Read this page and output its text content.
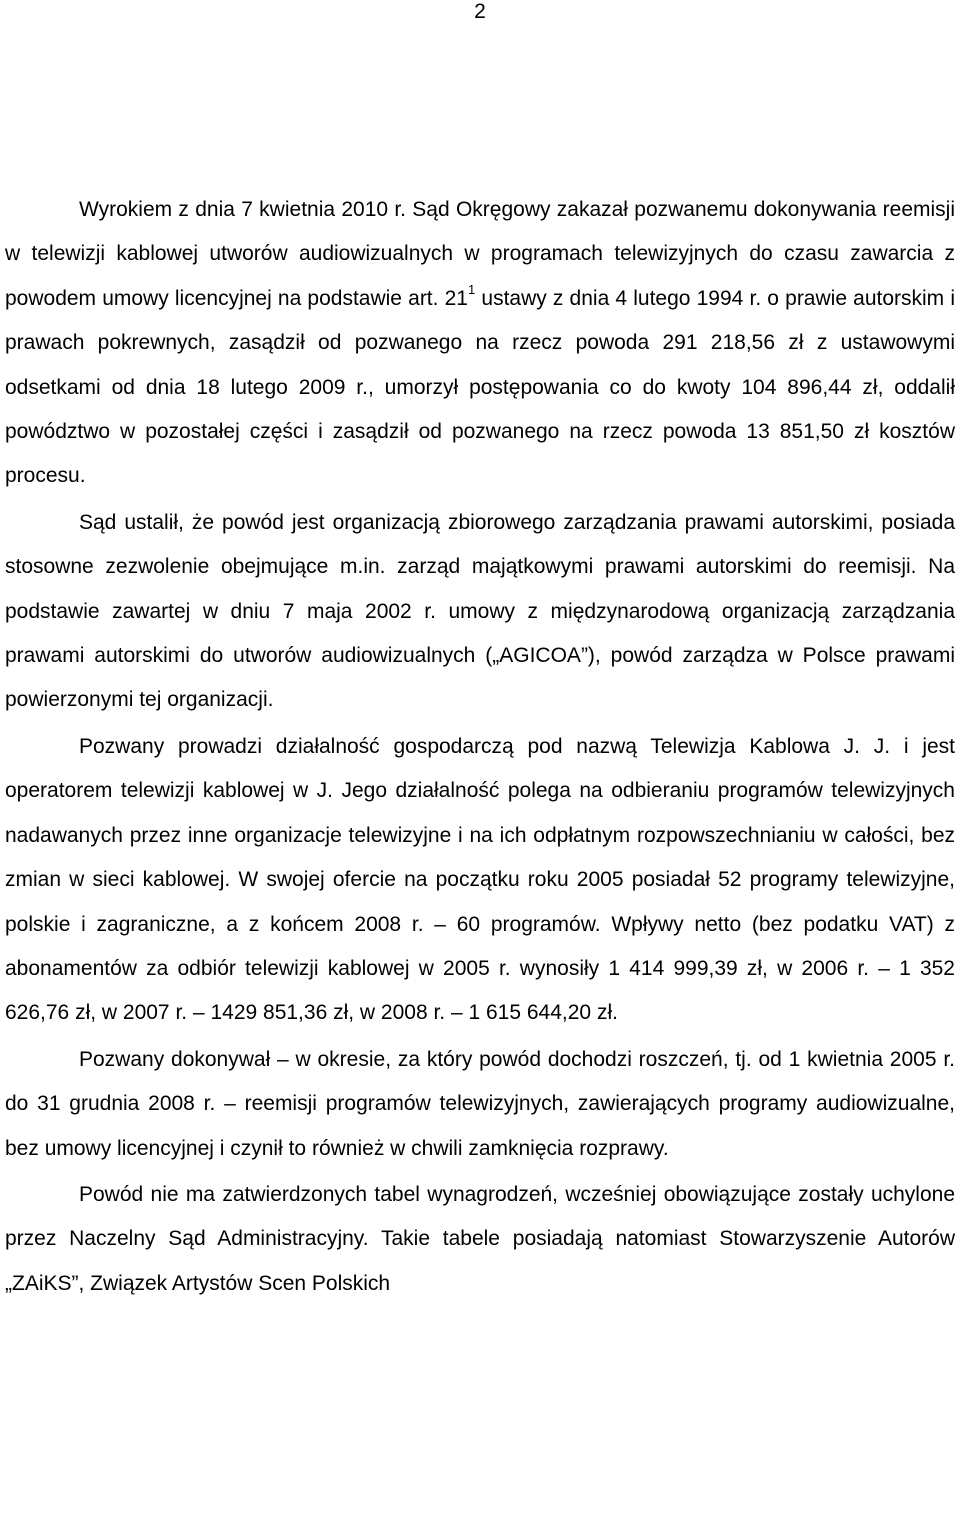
2

Wyrokiem z dnia 7 kwietnia 2010 r. Sąd Okręgowy zakazał pozwanemu dokonywania reemisji w telewizji kablowej utworów audiowizualnych w programach telewizyjnych do czasu zawarcia z powodem umowy licencyjnej na podstawie art. $21^1$ ustawy z dnia 4 lutego 1994 r. o prawie autorskim i prawach pokrewnych, zasądził od pozwanego na rzecz powoda 291 218,56 zł z ustawowymi odsetkami od dnia 18 lutego 2009 r., umorzył postępowania co do kwoty 104 896,44 zł, oddalił powództwo w pozostałej części i zasądził od pozwanego na rzecz powoda 13 851,50 zł kosztów procesu.

Sąd ustalił, że powód jest organizacją zbiorowego zarządzania prawami autorskimi, posiada stosowne zezwolenie obejmujące m.in. zarząd majątkowymi prawami autorskimi do reemisji. Na podstawie zawartej w dniu 7 maja 2002 r. umowy z międzynarodową organizacją zarządzania prawami autorskimi do utworów audiowizualnych („AGICOA”), powód zarządza w Polsce prawami powierzonymi tej organizacji.

Pozwany prowadzi działalność gospodarczą pod nazwą Telewizja Kablowa J. J. i jest operatorem telewizji kablowej w J. Jego działalność polega na odbieraniu programów telewizyjnych nadawanych przez inne organizacje telewizyjne i na ich odpłatnym rozpowszechnianiu w całości, bez zmian w sieci kablowej. W swojej ofercie na początku roku 2005 posiadał 52 programy telewizyjne, polskie i zagraniczne, a z końcem 2008 r. – 60 programów. Wpływy netto (bez podatku VAT) z abonamentów za odbiór telewizji kablowej w 2005 r. wynosiły 1 414 999,39 zł, w 2006 r. – 1 352 626,76 zł, w 2007 r. – 1429 851,36 zł, w 2008 r. – 1 615 644,20 zł.

Pozwany dokonywał – w okresie, za który powód dochodzi roszczeń, tj. od 1 kwietnia 2005 r. do 31 grudnia 2008 r. – reemisji programów telewizyjnych, zawierających programy audiowizualne, bez umowy licencyjnej i czynił to również w chwili zamknięcia rozprawy.

Powód nie ma zatwierdzonych tabel wynagrodzeń, wcześniej obowiązujące zostały uchylone przez Naczelny Sąd Administracyjny. Takie tabele posiadają natomiast Stowarzyszenie Autorów „ZAiKS”, Związek Artystów Scen Polskich
